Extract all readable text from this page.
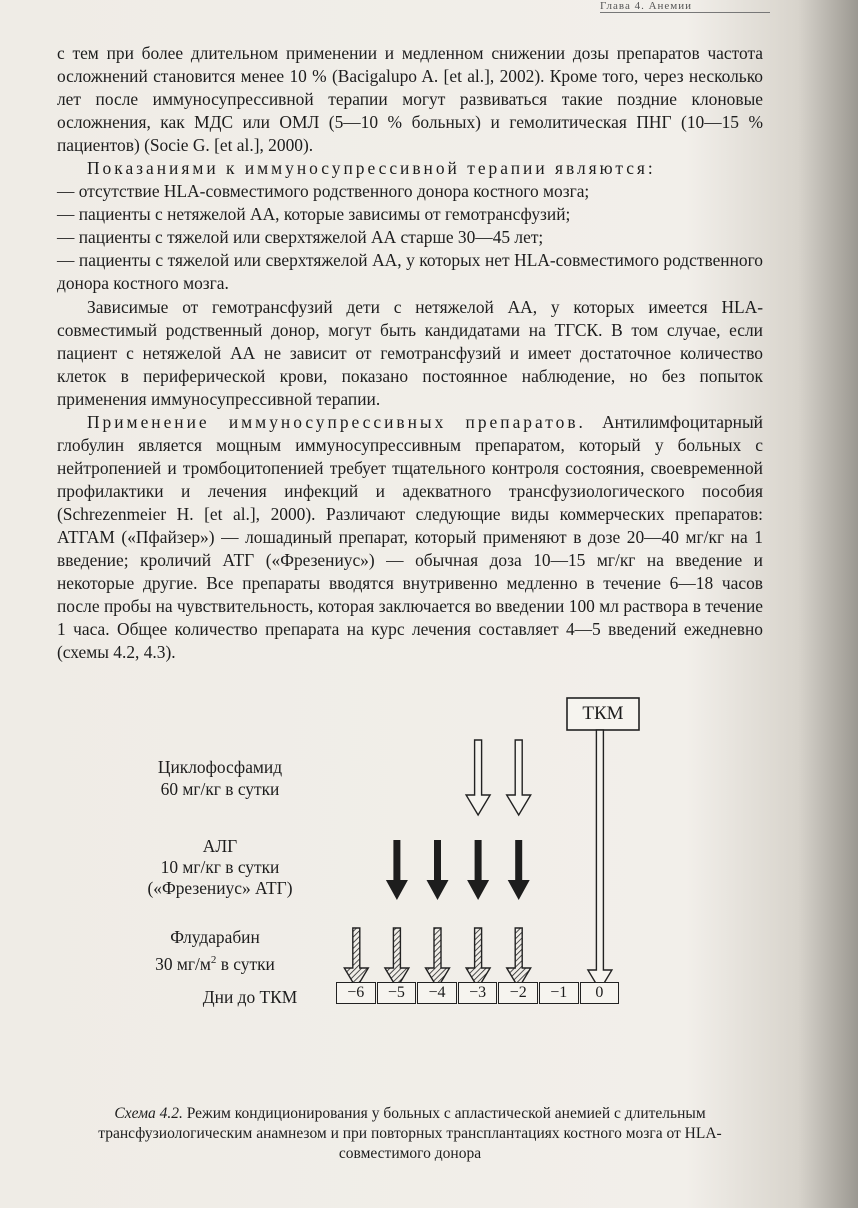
Глава 4. Анемии

с тем при более длительном применении и медленном снижении дозы препаратов частота осложнений становится менее 10 % (Bacigalupo A. [et al.], 2002). Кроме того, через несколько лет после иммуносупрессивной терапии могут развиваться такие поздние клоновые осложнения, как МДС или ОМЛ (5—10 % больных) и гемолитическая ПНГ (10—15 % пациентов) (Socie G. [et al.], 2000).

Показаниями к иммуносупрессивной терапии являются:

— отсутствие HLA-совместимого родственного донора костного мозга;

— пациенты с нетяжелой АА, которые зависимы от гемотрансфузий;

— пациенты с тяжелой или сверхтяжелой АА старше 30—45 лет;

— пациенты с тяжелой или сверхтяжелой АА, у которых нет HLA-совместимого родственного донора костного мозга.

Зависимые от гемотрансфузий дети с нетяжелой АА, у которых имеется HLA-совместимый родственный донор, могут быть кандидатами на ТГСК. В том случае, если пациент с нетяжелой АА не зависит от гемотрансфузий и имеет достаточное количество клеток в периферической крови, показано постоянное наблюдение, но без попыток применения иммуносупрессивной терапии.

Применение иммуносупрессивных препаратов. Антилимфоцитарный глобулин является мощным иммуносупрессивным препаратом, который у больных с нейтропенией и тромбоцитопенией требует тщательного контроля состояния, своевременной профилактики и лечения инфекций и адекватного трансфузиологического пособия (Schrezenmeier H. [et al.], 2000). Различают следующие виды коммерческих препаратов: АТГАМ («Пфайзер») — лошадиный препарат, который применяют в дозе 20—40 мг/кг на 1 введение; кроличий АТГ («Фрезениус») — обычная доза 10—15 мг/кг на введение и некоторые другие. Все препараты вводятся внутривенно медленно в течение 6—18 часов после пробы на чувствительность, которая заключается во введении 100 мл раствора в течение 1 часа. Общее количество препарата на курс лечения составляет 4—5 введений ежедневно (схемы 4.2, 4.3).

ТКМ
Циклофосфамид
60 мг/кг в сутки
АЛГ
10 мг/кг в сутки
(«Фрезениус» АТГ)
Флударабин
30 $мг/м^2$ в сутки
Дни до ТКМ	−6	−5	−4	−3	−2	−1	0
Схема 4.2. Режим кондиционирования у больных с апластической анемией с длительным трансфузиологическим анамнезом и при повторных трансплантациях костного мозга от HLA-совместимого донора
